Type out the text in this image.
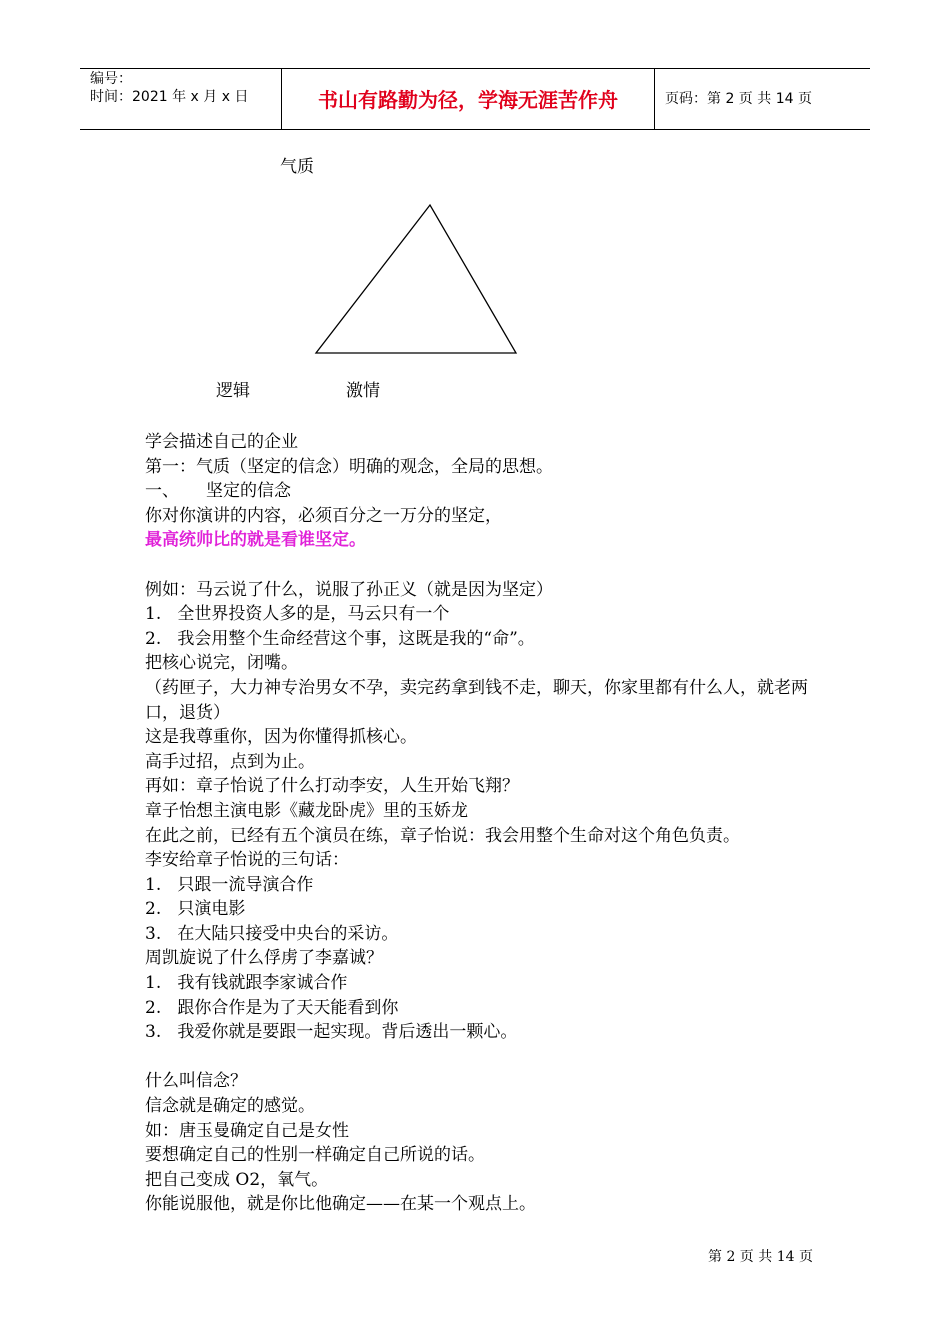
编号：
时间：2021 年 x 月 x 日	书山有路勤为径，学海无涯苦作舟	页码：第 2 页 共 14 页
气质
逻辑	激情
学会描述自己的企业
第一：气质（坚定的信念）明确的观念，全局的思想。
一、     坚定的信念
你对你演讲的内容，必须百分之一万分的坚定，
最高统帅比的就是看谁坚定。
例如：马云说了什么，说服了孙正义（就是因为坚定）
1.   全世界投资人多的是，马云只有一个
2.   我会用整个生命经营这个事，这既是我的“命”。
把核心说完，闭嘴。
（药匣子，大力神专治男女不孕，卖完药拿到钱不走，聊天，你家里都有什么人，就老两口，退货）
这是我尊重你，因为你懂得抓核心。
高手过招，点到为止。
再如：章子怡说了什么打动李安，人生开始飞翔？
章子怡想主演电影《藏龙卧虎》里的玉娇龙
在此之前，已经有五个演员在练，章子怡说：我会用整个生命对这个角色负责。
李安给章子怡说的三句话：
1.   只跟一流导演合作
2.   只演电影
3.   在大陆只接受中央台的采访。
周凯旋说了什么俘虏了李嘉诚？
1.   我有钱就跟李家诚合作
2.   跟你合作是为了天天能看到你
3.   我爱你就是要跟一起实现。背后透出一颗心。
什么叫信念？
信念就是确定的感觉。
如：唐玉曼确定自己是女性
要想确定自己的性别一样确定自己所说的话。
把自己变成 O2，氧气。
你能说服他，就是你比他确定——在某一个观点上。
第 2 页 共 14 页
